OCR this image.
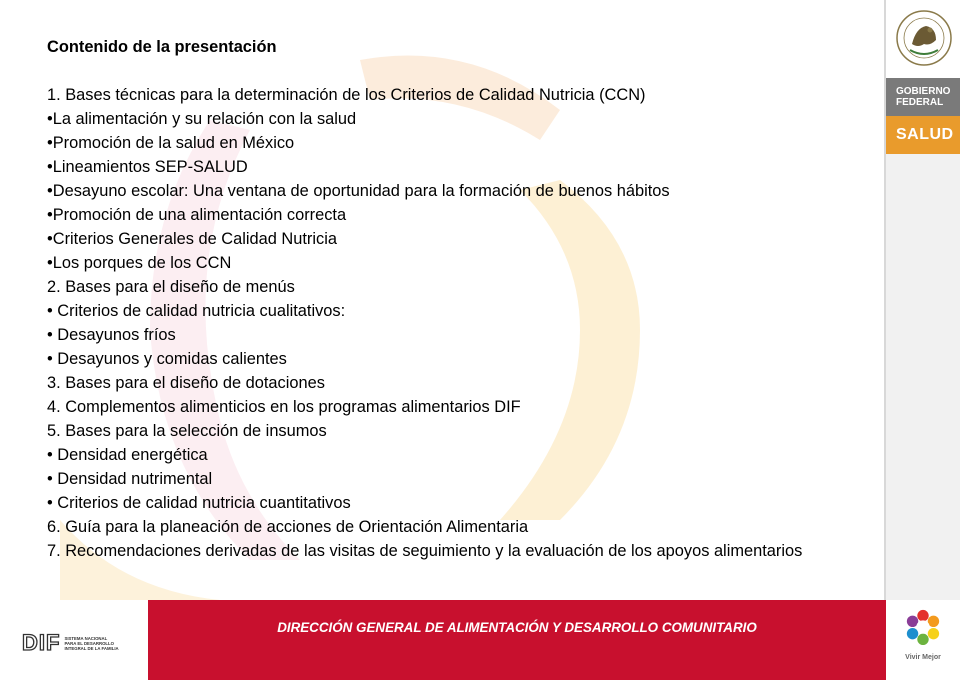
GOBIERNO
FEDERAL
SALUD
Contenido de la presentación
1. Bases técnicas para la determinación de los Criterios de Calidad Nutricia (CCN)
•La alimentación y su relación con la salud
•Promoción de la salud en México
•Lineamientos SEP-SALUD
•Desayuno escolar: Una ventana de oportunidad para la formación de buenos hábitos
•Promoción de una alimentación correcta
•Criterios Generales de Calidad Nutricia
•Los porques de los CCN
2. Bases para el diseño de menús
• Criterios de calidad nutricia cualitativos:
• Desayunos fríos
• Desayunos y comidas calientes
3. Bases para el diseño de dotaciones
4. Complementos alimenticios en los programas alimentarios DIF
5. Bases para la selección de insumos
• Densidad energética
• Densidad nutrimental
• Criterios de calidad nutricia cuantitativos
6. Guía para la planeación de acciones de Orientación Alimentaria
7. Recomendaciones derivadas de las visitas de seguimiento y la evaluación de los apoyos alimentarios
DIF SISTEMA NACIONAL
PARA EL DESARROLLO
INTEGRAL DE LA FAMILIA
DIRECCIÓN GENERAL DE ALIMENTACIÓN Y DESARROLLO COMUNITARIO
Vivir Mejor
